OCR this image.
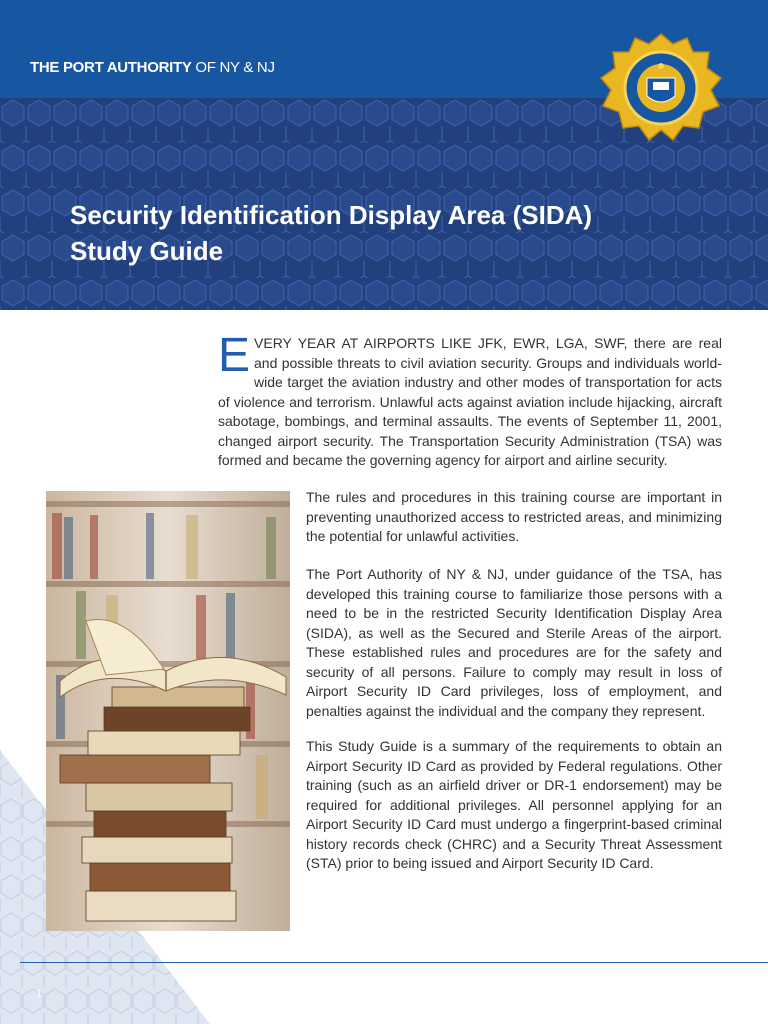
THE PORT AUTHORITY OF NY & NJ
Security Identification Display Area (SIDA)
Study Guide

EVERY YEAR AT AIRPORTS LIKE JFK, EWR, LGA, SWF, there are real and possible threats to civil aviation security. Groups and individuals world-wide target the aviation industry and other modes of transportation for acts of violence and terrorism. Unlawful acts against aviation include hijacking, aircraft sabotage, bombings, and terminal assaults. The events of September 11, 2001, changed airport security. The Transportation Security Administration (TSA) was formed and became the governing agency for airport and airline security.

The rules and procedures in this training course are important in preventing unauthorized access to restricted areas, and minimizing the potential for unlawful activities.

The Port Authority of NY & NJ, under guidance of the TSA, has developed this training course to familiarize those persons with a need to be in the restricted Security Identification Display Area (SIDA), as well as the Secured and Sterile Areas of the airport. These established rules and procedures are for the safety and security of all persons. Failure to comply may result in loss of Airport Security ID Card privileges, loss of employment, and penalties against the individual and the company they represent.

This Study Guide is a summary of the requirements to obtain an Airport Security ID Card as provided by Federal regulations. Other training (such as an airfield driver or DR-1 endorsement) may be required for additional privileges. All personnel applying for an Airport Security ID Card must undergo a fingerprint-based criminal history records check (CHRC) and a Security Threat Assessment (STA) prior to being issued and Airport Security ID Card.

1
